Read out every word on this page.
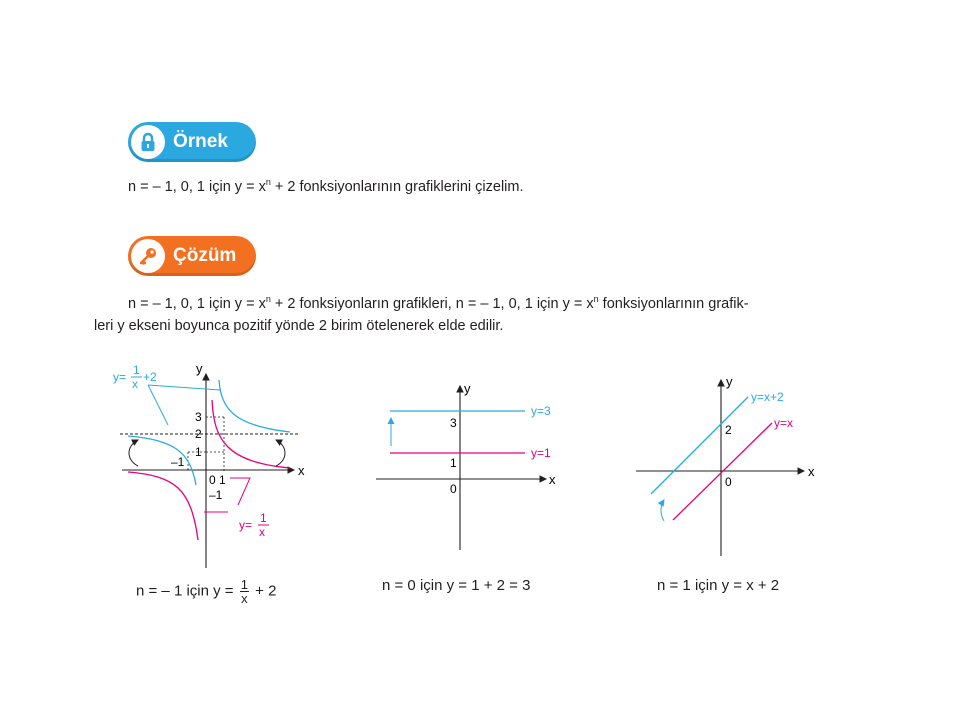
Örnek
n = – 1, 0, 1 için $y = x^n + 2$ fonksiyonlarının grafiklerini çizelim.
Çözüm
n = – 1, 0, 1 için $y = x^n + 2$ fonksiyonların grafikleri, n = – 1, 0, 1 için $y = x^n$ fonksiyonlarının grafik-
leri y ekseni boyunca pozitif yönde 2 birim ötelenerek elde edilir.
y
x
3
2
1
–1
0 1
–1
y= 1
x +2
y= 1
x
y
x
y=3
y=1
3
1
0
y
x
y=x+2
y=x
2
0
n = – 1 için $y = \frac{1}{x} + 2$	n = 0 için y = 1 + 2 = 3	n = 1 için y = x + 2
